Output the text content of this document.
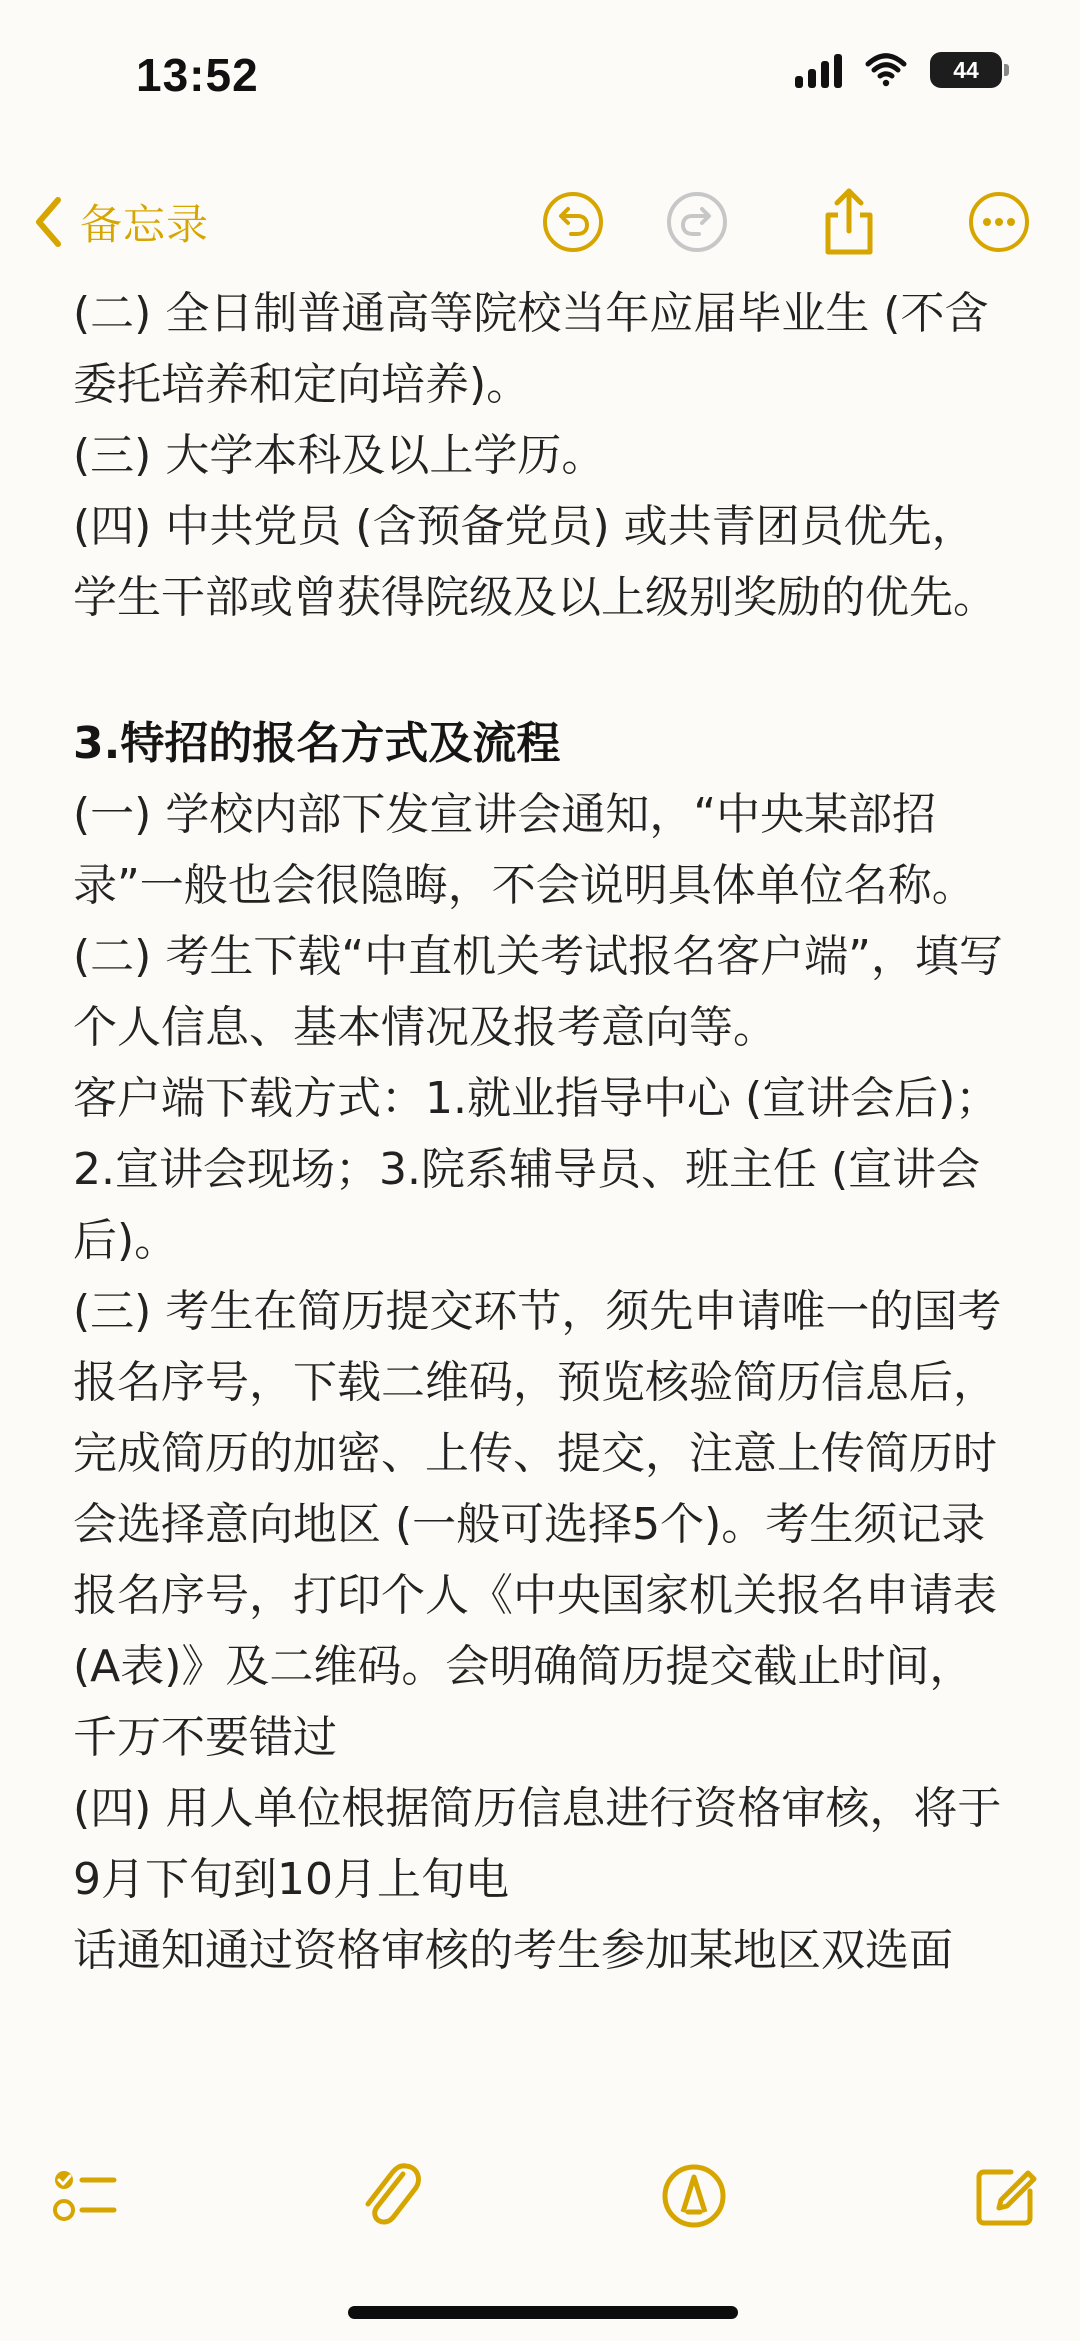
13:52	44
备忘录

(二) 全日制普通高等院校当年应届毕业生 (不含委托培养和定向培养)。

(三) 大学本科及以上学历。

(四) 中共党员 (含预备党员) 或共青团员优先，学生干部或曾获得院级及以上级别奖励的优先。

3.特招的报名方式及流程

(一) 学校内部下发宣讲会通知，“中央某部招录”一般也会很隐晦，不会说明具体单位名称。

(二) 考生下载“中直机关考试报名客户端”，填写个人信息、基本情况及报考意向等。

客户端下载方式：1.就业指导中心 (宣讲会后)；2.宣讲会现场；3.院系辅导员、班主任 (宣讲会后)。

(三) 考生在简历提交环节，须先申请唯一的国考报名序号，下载二维码，预览核验简历信息后，完成简历的加密、上传、提交，注意上传简历时会选择意向地区 (一般可选择5个)。考生须记录报名序号，打印个人《中央国家机关报名申请表 (A表)》及二维码。会明确简历提交截止时间，千万不要错过

(四) 用人单位根据简历信息进行资格审核，将于9月下旬到10月上旬电

话通知通过资格审核的考生参加某地区双选面
